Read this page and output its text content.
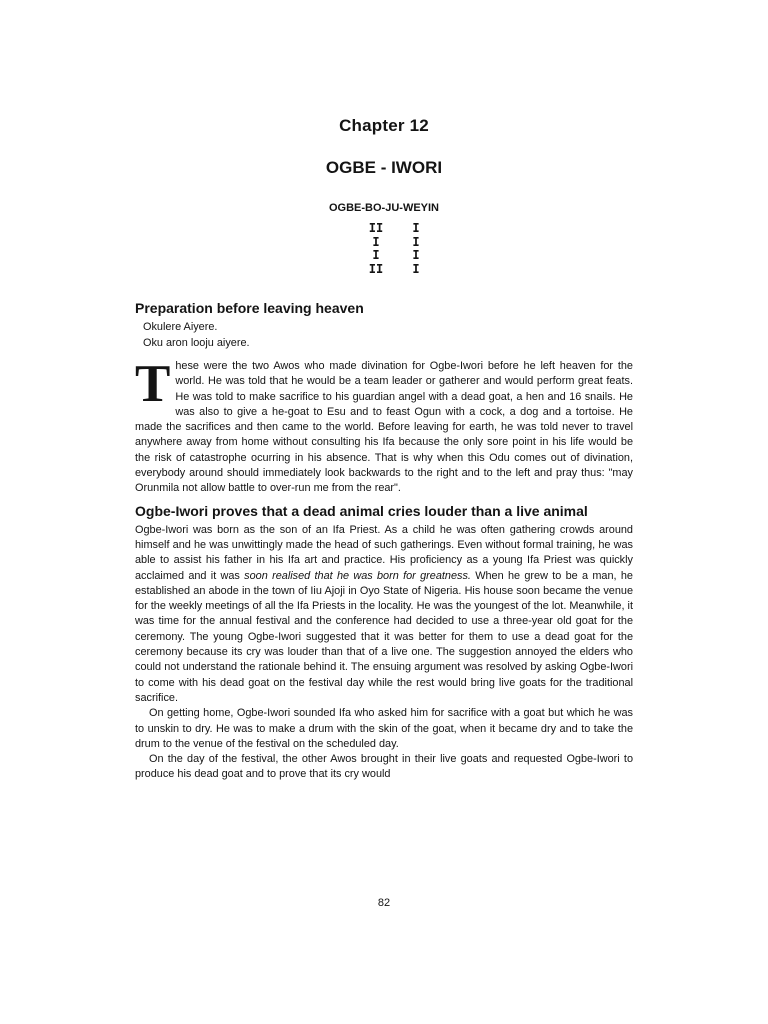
Chapter 12
OGBE - IWORI
OGBE-BO-JU-WEYIN
II	I
I	I
I	I
II	I
Preparation before leaving heaven
Okulere Aiyere.
Oku aron looju aiyere.
These were the two Awos who made divination for Ogbe-Iwori before he left heaven for the world. He was told that he would be a team leader or gatherer and would perform great feats. He was told to make sacrifice to his guardian angel with a dead goat, a hen and 16 snails. He was also to give a he-goat to Esu and to feast Ogun with a cock, a dog and a tortoise. He made the sacrifices and then came to the world. Before leaving for earth, he was told never to travel anywhere away from home without consulting his Ifa because the only sore point in his life would be the risk of catastrophe ocurring in his absence. That is why when this Odu comes out of divination, everybody around should immediately look backwards to the right and to the left and pray thus: "may Orunmila not allow battle to over-run me from the rear".
Ogbe-Iwori proves that a dead animal cries louder than a live animal

Ogbe-Iwori was born as the son of an Ifa Priest. As a child he was often gathering crowds around himself and he was unwittingly made the head of such gatherings. Even without formal training, he was able to assist his father in his Ifa art and practice. His proficiency as a young Ifa Priest was quickly acclaimed and it was soon realised that he was born for greatness. When he grew to be a man, he established an abode in the town of Iiu Ajoji in Oyo State of Nigeria. His house soon became the venue for the weekly meetings of all the Ifa Priests in the locality. He was the youngest of the lot. Meanwhile, it was time for the annual festival and the conference had decided to use a three-year old goat for the ceremony. The young Ogbe-Iwori suggested that it was better for them to use a dead goat for the ceremony because its cry was louder than that of a live one. The suggestion annoyed the elders who could not understand the rationale behind it. The ensuing argument was resolved by asking Ogbe-Iwori to come with his dead goat on the festival day while the rest would bring live goats for the traditional sacrifice.

On getting home, Ogbe-Iwori sounded Ifa who asked him for sacrifice with a goat but which he was to unskin to dry. He was to make a drum with the skin of the goat, when it became dry and to take the drum to the venue of the festival on the scheduled day.

On the day of the festival, the other Awos brought in their live goats and requested Ogbe-Iwori to produce his dead goat and to prove that its cry would

82
